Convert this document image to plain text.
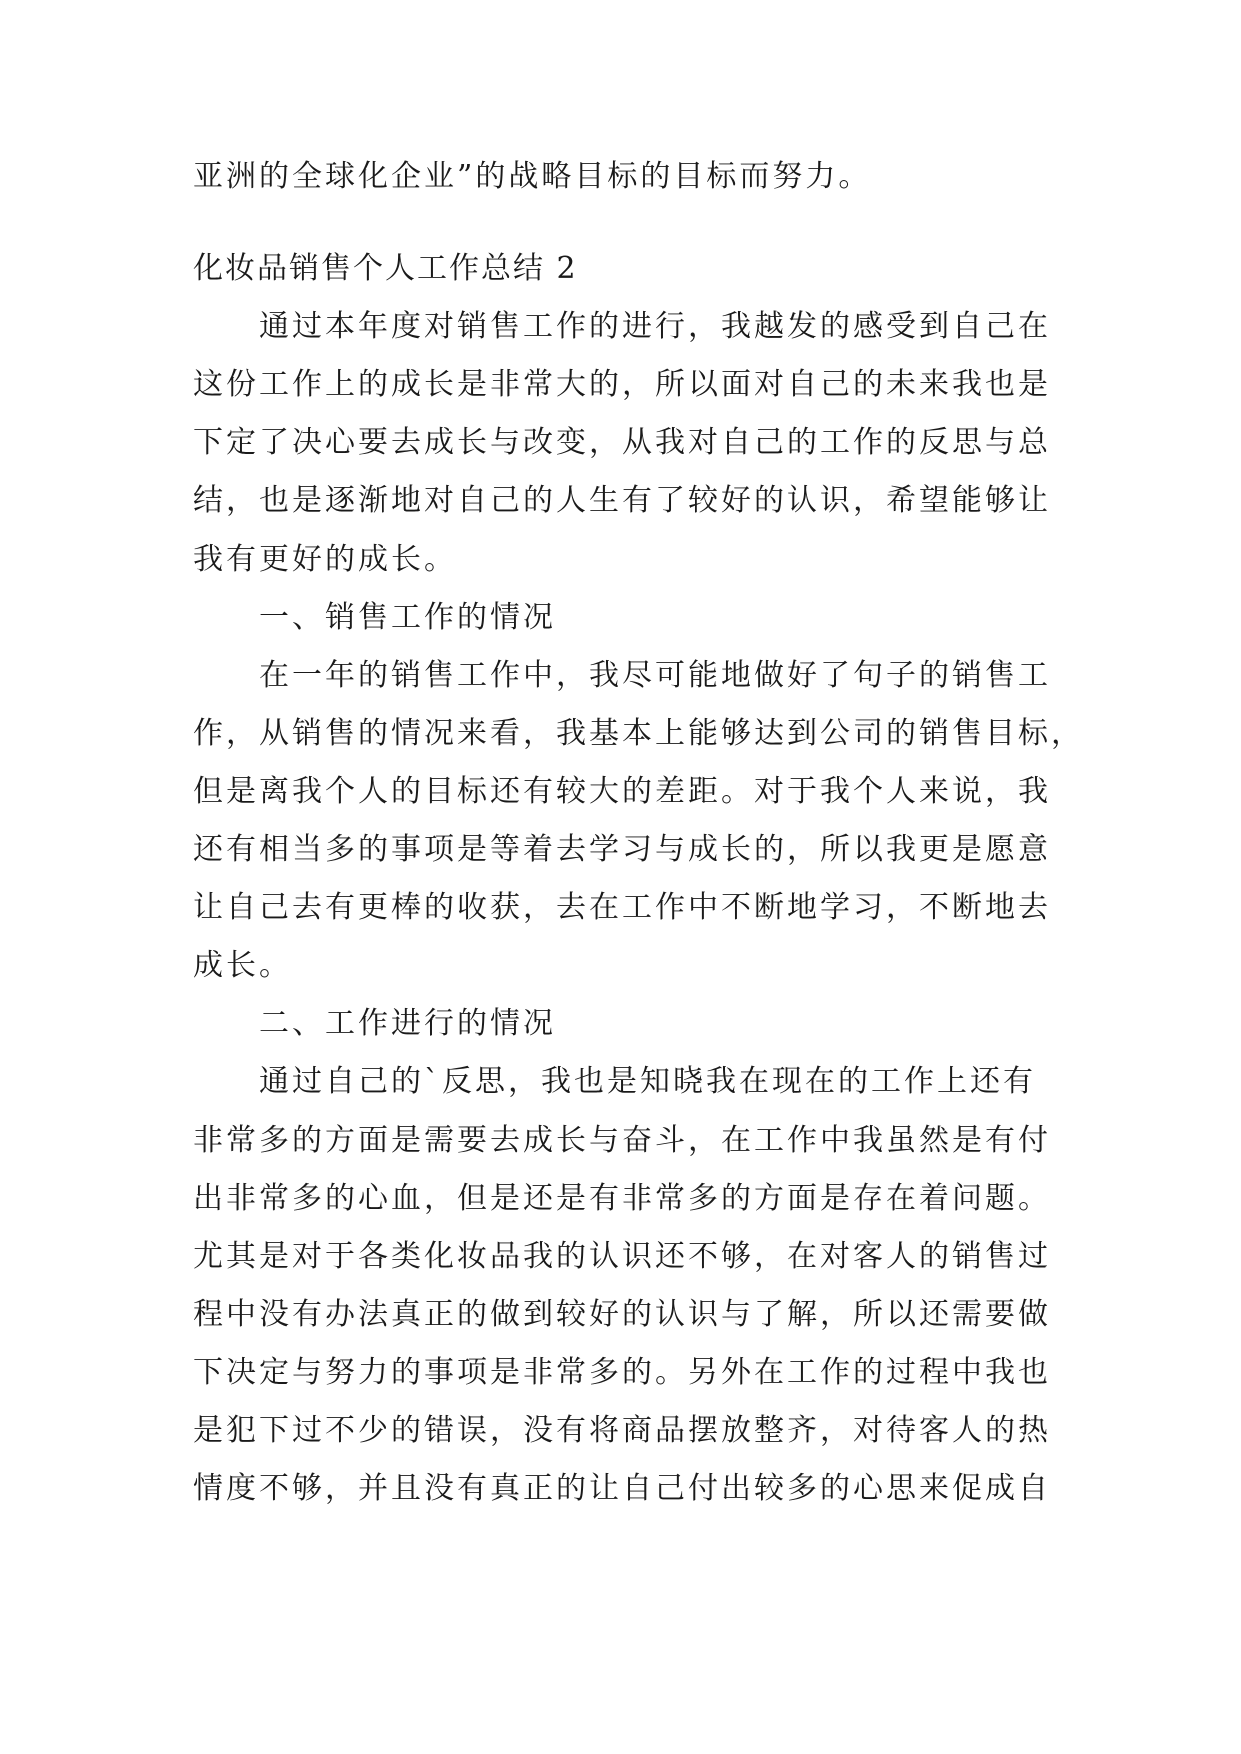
亚洲的全球化企业”的战略目标的目标而努力。
化妆品销售个人工作总结 2
通过本年度对销售工作的进行，我越发的感受到自己在
这份工作上的成长是非常大的，所以面对自己的未来我也是
下定了决心要去成长与改变，从我对自己的工作的反思与总
结，也是逐渐地对自己的人生有了较好的认识，希望能够让
我有更好的成长。
一、销售工作的情况
在一年的销售工作中，我尽可能地做好了句子的销售工
作，从销售的情况来看，我基本上能够达到公司的销售目标，
但是离我个人的目标还有较大的差距。对于我个人来说，我
还有相当多的事项是等着去学习与成长的，所以我更是愿意
让自己去有更棒的收获，去在工作中不断地学习，不断地去
成长。
二、工作进行的情况
通过自己的`反思，我也是知晓我在现在的工作上还有
非常多的方面是需要去成长与奋斗，在工作中我虽然是有付
出非常多的心血，但是还是有非常多的方面是存在着问题。
尤其是对于各类化妆品我的认识还不够，在对客人的销售过
程中没有办法真正的做到较好的认识与了解，所以还需要做
下决定与努力的事项是非常多的。另外在工作的过程中我也
是犯下过不少的错误，没有将商品摆放整齐，对待客人的热
情度不够，并且没有真正的让自己付出较多的心思来促成自
